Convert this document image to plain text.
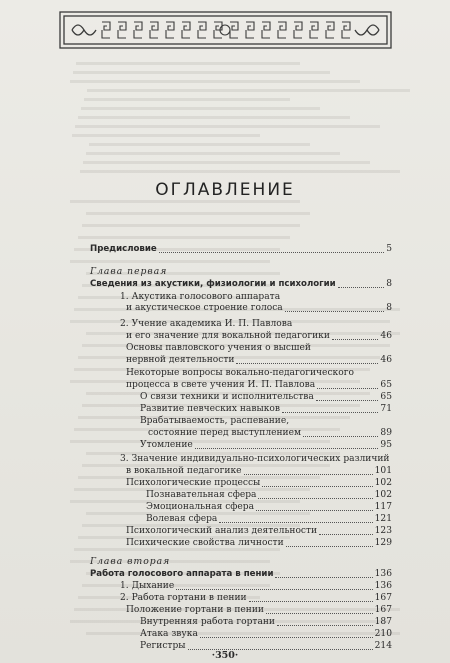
ОГЛАВЛЕНИЕ
Предисловие	5
Глава первая
Сведения из акустики, физиологии и психологии	8
1. Акустика голосового аппарата
и акустическое строение голоса	8
2. Учение академика И. П. Павлова
и его значение для вокальной педагогики	46
Основы павловского учения о высшей
нервной деятельности	46
Некоторые вопросы вокально-педагогического
процесса в свете учения И. П. Павлова	65
О связи техники и исполнительства	65
Развитие певческих навыков	71
Врабатываемость, распевание,
состояние перед выступлением	89
Утомление	95
3. Значение индивидуально-психологических различий
в вокальной педагогике	101
Психологические процессы	102
Познавательная сфера	102
Эмоциональная сфера	117
Волевая сфера	121
Психологический анализ деятельности	123
Психические свойства личности	129
Глава вторая
Работа голосового аппарата в пении	136
1. Дыхание	136
2. Работа гортани в пении	167
Положение гортани в пении	167
Внутренняя работа гортани	187
Атака звука	210
Регистры	214
·350·
